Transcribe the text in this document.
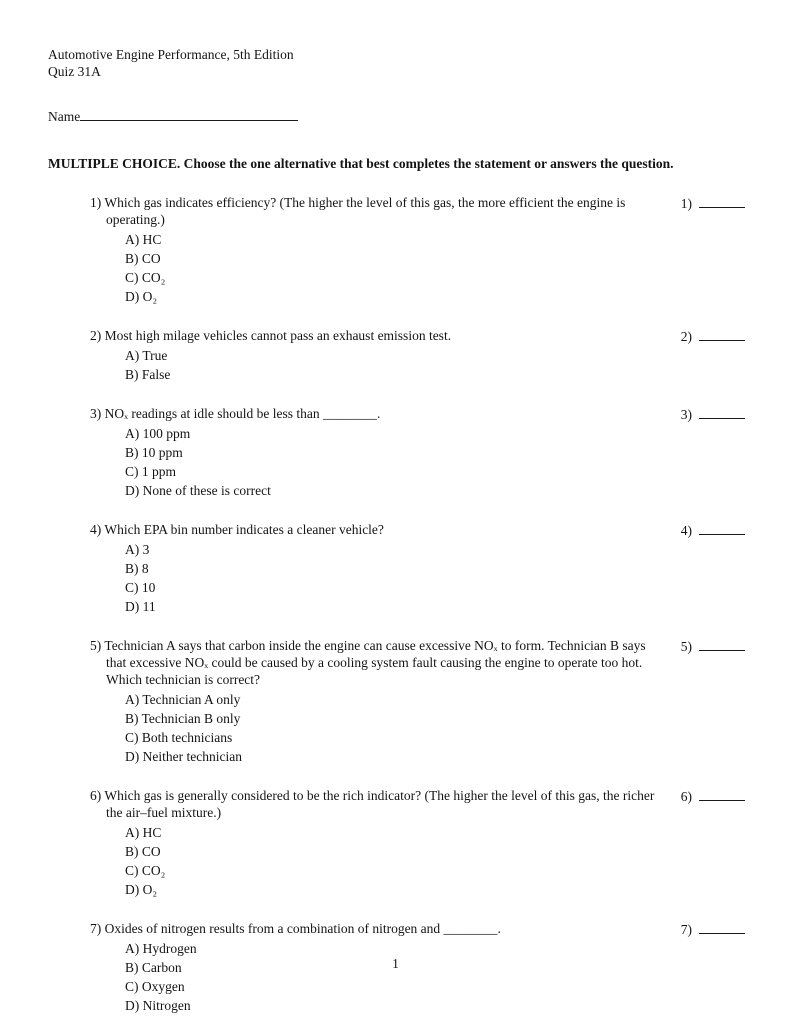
Automotive Engine Performance, 5th Edition
Quiz 31A
Name
MULTIPLE CHOICE. Choose the one alternative that best completes the statement or answers the question.
1) Which gas indicates efficiency? (The higher the level of this gas, the more efficient the engine is operating.)
A) HC
B) CO
C) CO₂
D) O₂
1)
2) Most high milage vehicles cannot pass an exhaust emission test.
A) True
B) False
2)
3) NOₓ readings at idle should be less than ________.
A) 100 ppm
B) 10 ppm
C) 1 ppm
D) None of these is correct
3)
4) Which EPA bin number indicates a cleaner vehicle?
A) 3
B) 8
C) 10
D) 11
4)
5) Technician A says that carbon inside the engine can cause excessive NOₓ to form. Technician B says that excessive NOₓ could be caused by a cooling system fault causing the engine to operate too hot. Which technician is correct?
A) Technician A only
B) Technician B only
C) Both technicians
D) Neither technician
5)
6) Which gas is generally considered to be the rich indicator? (The higher the level of this gas, the richer the air–fuel mixture.)
A) HC
B) CO
C) CO₂
D) O₂
6)
7) Oxides of nitrogen results from a combination of nitrogen and ________.
A) Hydrogen
B) Carbon
C) Oxygen
D) Nitrogen
7)
1
